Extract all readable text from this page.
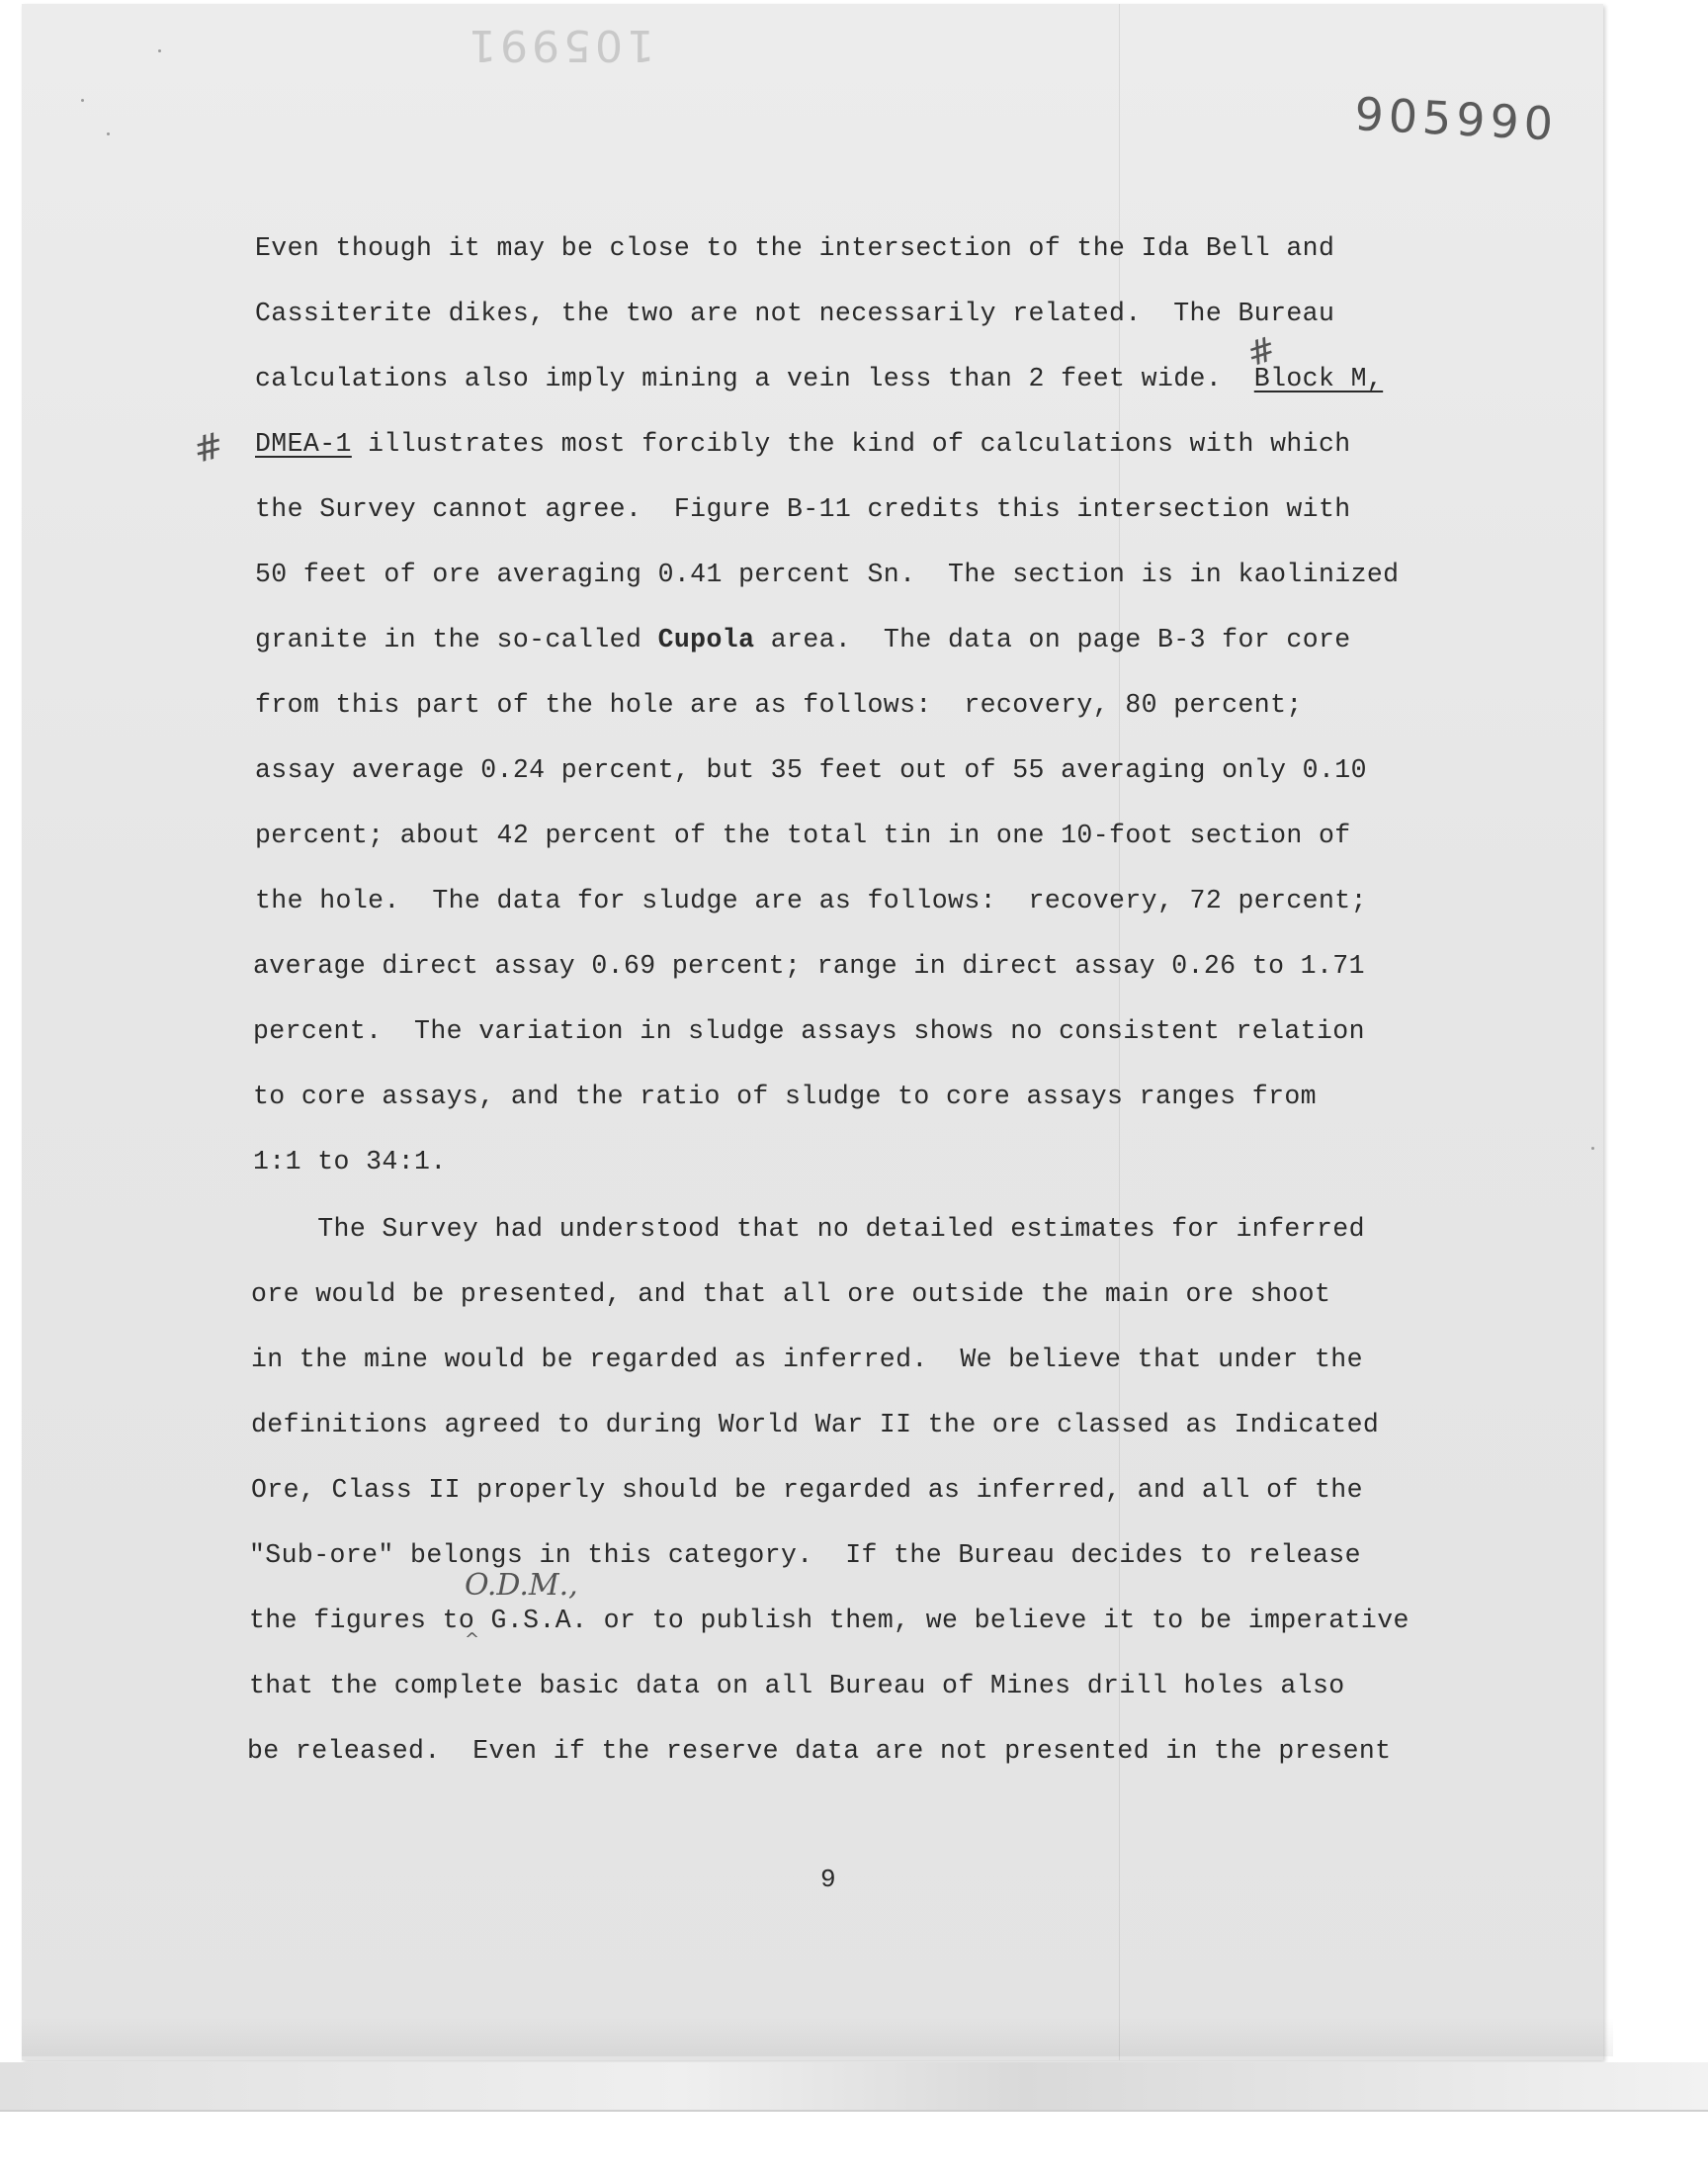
105991
905990
#
#
O.D.M.,
^
Even though it may be close to the intersection of the Ida Bell and
Cassiterite dikes, the two are not necessarily related.  The Bureau
calculations also imply mining a vein less than 2 feet wide.  Block M,
DMEA-1 illustrates most forcibly the kind of calculations with which
the Survey cannot agree.  Figure B-11 credits this intersection with
50 feet of ore averaging 0.41 percent Sn.  The section is in kaolinized
granite in the so-called Cupola area.  The data on page B-3 for core
from this part of the hole are as follows:  recovery, 80 percent;
assay average 0.24 percent, but 35 feet out of 55 averaging only 0.10
percent; about 42 percent of the total tin in one 10-foot section of
the hole.  The data for sludge are as follows:  recovery, 72 percent;
average direct assay 0.69 percent; range in direct assay 0.26 to 1.71
percent.  The variation in sludge assays shows no consistent relation
to core assays, and the ratio of sludge to core assays ranges from
1:1 to 34:1.
The Survey had understood that no detailed estimates for inferred
ore would be presented, and that all ore outside the main ore shoot
in the mine would be regarded as inferred.  We believe that under the
definitions agreed to during World War II the ore classed as Indicated
Ore, Class II properly should be regarded as inferred, and all of the
"Sub-ore" belongs in this category.  If the Bureau decides to release
the figures to G.S.A. or to publish them, we believe it to be imperative
that the complete basic data on all Bureau of Mines drill holes also
be released.  Even if the reserve data are not presented in the present
9
